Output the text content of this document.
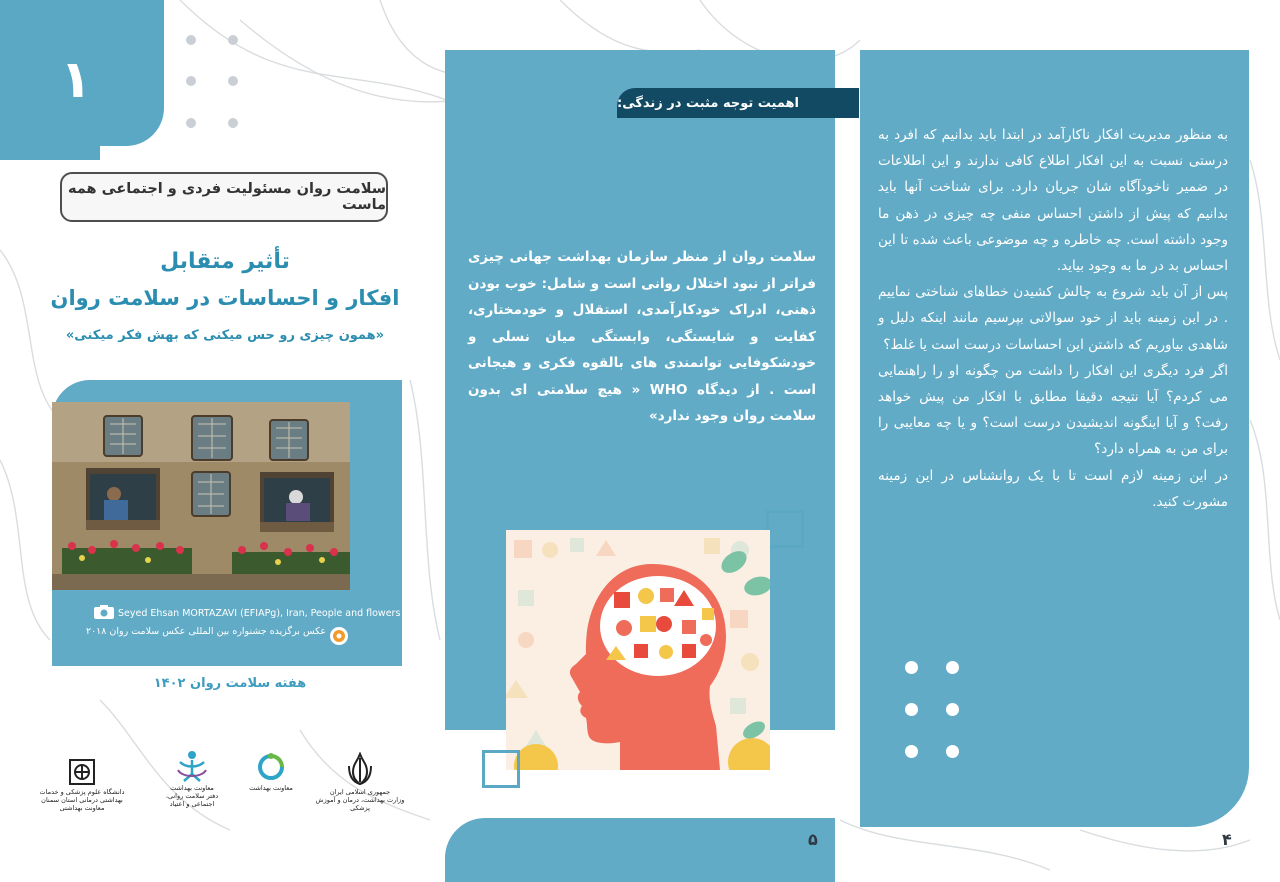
۱
سلامت روان مسئولیت فردی و اجتماعی همه ماست
تأثیر متقابل
افکار و احساسات در سلامت روان
«همون چیزی رو حس میکنی که بهش فکر میکنی»
Seyed Ehsan MORTAZAVI (EFIAPg), Iran, People and flowers
عکس برگزیده جشنواره بین المللی عکس سلامت روان ۲۰۱۸
هفته سلامت روان ۱۴۰۲
جمهوری اسلامی ایران
وزارت بهداشت، درمان و آموزش پزشکی
معاونت بهداشت
معاونت بهداشت
دفتر سلامت روانی، اجتماعی و اعتیاد
دانشگاه علوم پزشکی و خدمات بهداشتی درمانی استان سمنان
معاونت بهداشتی
۵
اهمیت توجه مثبت در زندگی:
سلامت روان از منظر سازمان بهداشت جهانی چیزی فراتر از نبود اختلال روانی است و شامل: خوب بودن ذهنی، ادراک خودکارآمدی، استقلال و خودمختاری، کفایت و شایستگی، وابستگی میان نسلی و خودشکوفایی توانمندی های بالقوه فکری و هیجانی است . از دیدگاه WHO « هیچ سلامتی ای بدون سلامت روان وجود ندارد»

به منظور مدیریت افکار ناکارآمد در ابتدا باید بدانیم که افرد به درستی نسبت به این افکار اطلاع کافی ندارند و این اطلاعات در ضمیر ناخودآگاه شان جریان دارد. برای شناخت آنها باید بدانیم که پیش از داشتن احساس منفی چه چیزی در ذهن ما وجود داشته است. چه خاطره و چه موضوعی باعث شده تا این احساس بد در ما به وجود بیاید.

پس از آن باید شروع به چالش کشیدن خطاهای شناختی نماییم . در این زمینه باید از خود سوالاتی بپرسیم مانند اینکه دلیل و شاهدی بیاوریم که داشتن این احساسات درست است یا غلط؟

اگر فرد دیگری این افکار را داشت من چگونه او را راهنمایی می کردم؟ آیا نتیجه دقیقا مطابق با افکار من پیش خواهد رفت؟ و آیا اینگونه اندیشیدن درست است؟ و یا چه معایبی را برای من به همراه دارد؟

در این زمینه لازم است تا با یک روانشناس در این زمینه مشورت کنید.

۴
